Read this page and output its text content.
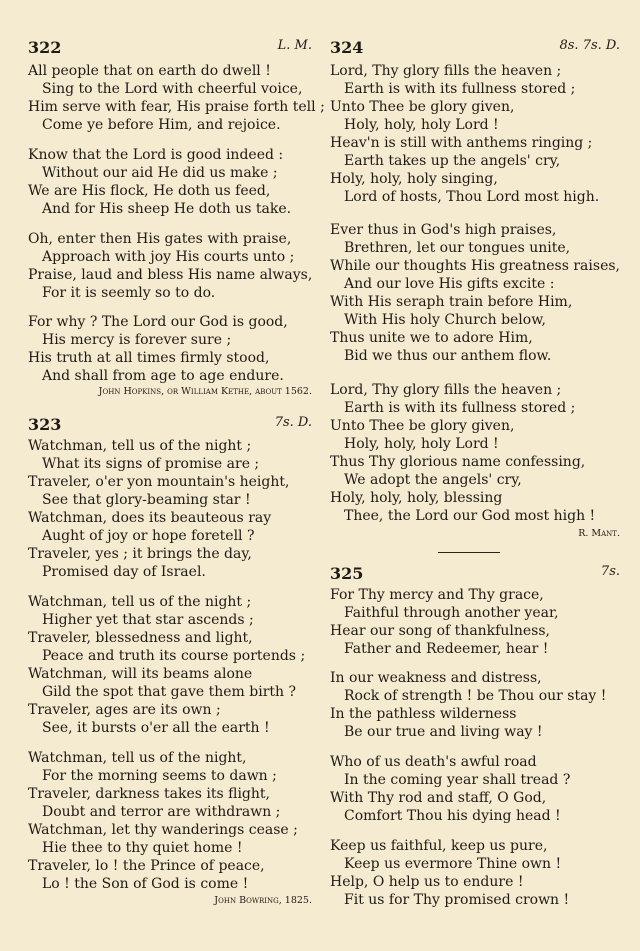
322	L. M.
All people that on earth do dwell !
Sing to the Lord with cheerful voice,
Him serve with fear, His praise forth tell ;
Come ye before Him, and rejoice.
Know that the Lord is good indeed :
Without our aid He did us make ;
We are His flock, He doth us feed,
And for His sheep He doth us take.
Oh, enter then His gates with praise,
Approach with joy His courts unto ;
Praise, laud and bless His name always,
For it is seemly so to do.
For why ? The Lord our God is good,
His mercy is forever sure ;
His truth at all times firmly stood,
And shall from age to age endure.
John Hopkins, or William Kethe, about 1562.
323	7s. D.
Watchman, tell us of the night ;
What its signs of promise are ;
Traveler, o'er yon mountain's height,
See that glory-beaming star !
Watchman, does its beauteous ray
Aught of joy or hope foretell ?
Traveler, yes ; it brings the day,
Promised day of Israel.
Watchman, tell us of the night ;
Higher yet that star ascends ;
Traveler, blessedness and light,
Peace and truth its course portends ;
Watchman, will its beams alone
Gild the spot that gave them birth ?
Traveler, ages are its own ;
See, it bursts o'er all the earth !
Watchman, tell us of the night,
For the morning seems to dawn ;
Traveler, darkness takes its flight,
Doubt and terror are withdrawn ;
Watchman, let thy wanderings cease ;
Hie thee to thy quiet home !
Traveler, lo ! the Prince of peace,
Lo ! the Son of God is come !
John Bowring, 1825.
324	8s. 7s. D.
Lord, Thy glory fills the heaven ;
Earth is with its fullness stored ;
Unto Thee be glory given,
Holy, holy, holy Lord !
Heav'n is still with anthems ringing ;
Earth takes up the angels' cry,
Holy, holy, holy singing,
Lord of hosts, Thou Lord most high.
Ever thus in God's high praises,
Brethren, let our tongues unite,
While our thoughts His greatness raises,
And our love His gifts excite :
With His seraph train before Him,
With His holy Church below,
Thus unite we to adore Him,
Bid we thus our anthem flow.
Lord, Thy glory fills the heaven ;
Earth is with its fullness stored ;
Unto Thee be glory given,
Holy, holy, holy Lord !
Thus Thy glorious name confessing,
We adopt the angels' cry,
Holy, holy, holy, blessing
Thee, the Lord our God most high !
R. Mant.
325	7s.
For Thy mercy and Thy grace,
Faithful through another year,
Hear our song of thankfulness,
Father and Redeemer, hear !
In our weakness and distress,
Rock of strength ! be Thou our stay !
In the pathless wilderness
Be our true and living way !
Who of us death's awful road
In the coming year shall tread ?
With Thy rod and staff, O God,
Comfort Thou his dying head !
Keep us faithful, keep us pure,
Keep us evermore Thine own !
Help, O help us to endure !
Fit us for Thy promised crown !
